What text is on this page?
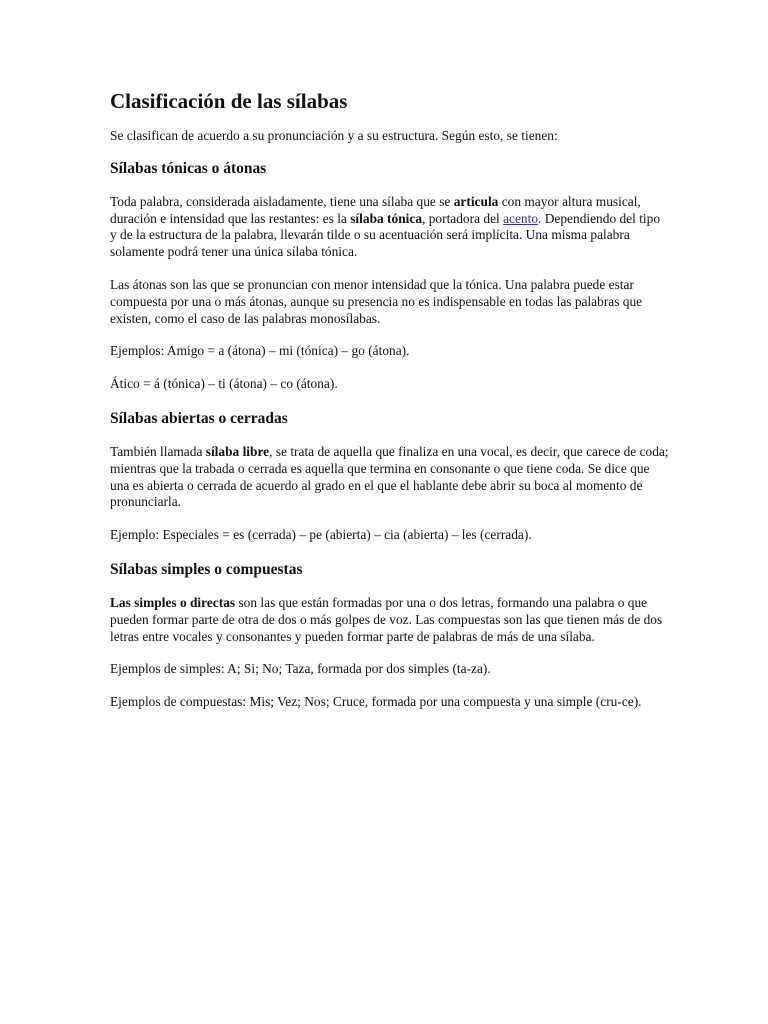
Clasificación de las sílabas

Se clasifican de acuerdo a su pronunciación y a su estructura. Según esto, se tienen:

Sílabas tónicas o átonas

Toda palabra, considerada aisladamente, tiene una sílaba que se articula con mayor altura musical, duración e intensidad que las restantes: es la sílaba tónica, portadora del acento. Dependiendo del tipo y de la estructura de la palabra, llevarán tilde o su acentuación será implícita. Una misma palabra solamente podrá tener una única sílaba tónica.

Las átonas son las que se pronuncian con menor intensidad que la tónica. Una palabra puede estar compuesta por una o más átonas, aunque su presencia no es indispensable en todas las palabras que existen, como el caso de las palabras monosílabas.

Ejemplos: Amigo = a (átona) – mi (tónica) – go (átona).

Ático = á (tónica) – ti (átona) – co (átona).

Sílabas abiertas o cerradas

También llamada sílaba libre, se trata de aquella que finaliza en una vocal, es decir, que carece de coda; mientras que la trabada o cerrada es aquella que termina en consonante o que tiene coda. Se dice que una es abierta o cerrada de acuerdo al grado en el que el hablante debe abrir su boca al momento de pronunciarla.

Ejemplo: Especiales = es (cerrada) – pe (abierta) – cia (abierta) – les (cerrada).

Sílabas simples o compuestas

Las simples o directas son las que están formadas por una o dos letras, formando una palabra o que pueden formar parte de otra de dos o más golpes de voz. Las compuestas son las que tienen más de dos letras entre vocales y consonantes y pueden formar parte de palabras de más de una sílaba.

Ejemplos de simples: A; Si; No; Taza, formada por dos simples (ta-za).

Ejemplos de compuestas: Mis; Vez; Nos; Cruce, formada por una compuesta y una simple (cru-ce).
